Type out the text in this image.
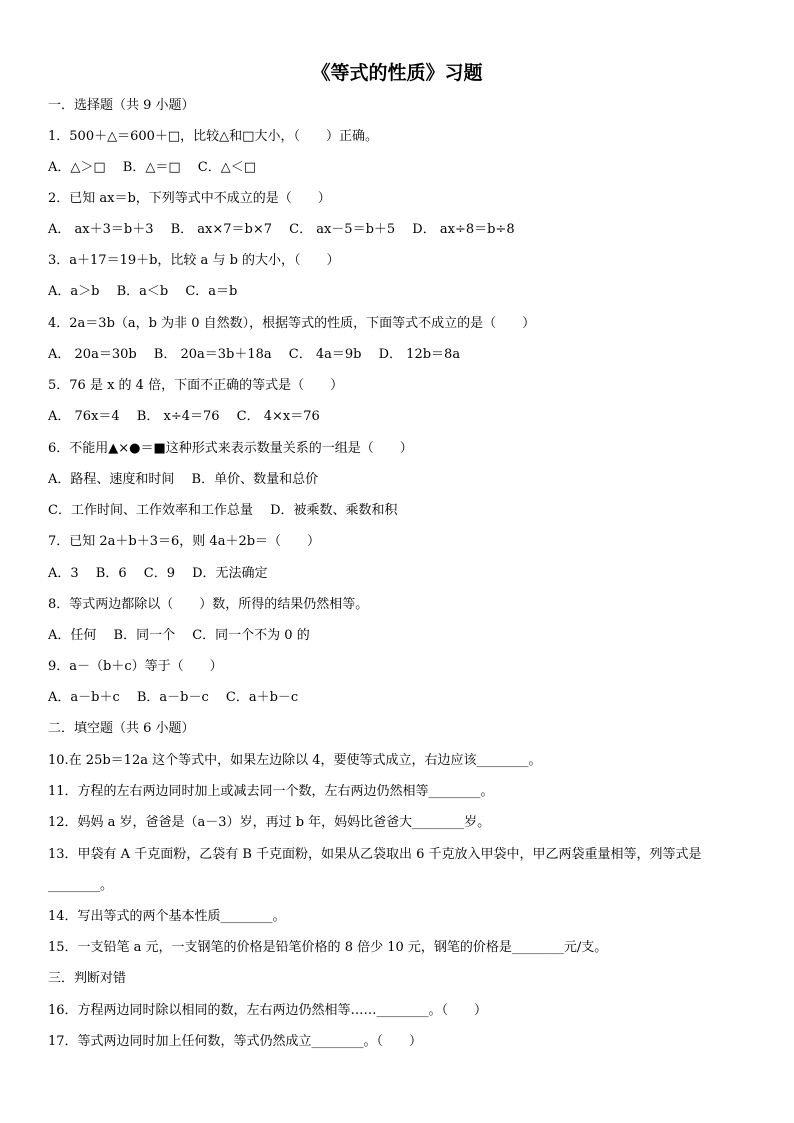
《等式的性质》习题
一．选择题（共 9 小题）
1．500＋△＝600＋□，比较△和□大小，（　　）正确。
A．△＞□　 B．△＝□　 C．△＜□
2．已知 ax＝b，下列等式中不成立的是（　　）
A． ax＋3＝b＋3　 B． ax×7＝b×7　 C． ax－5＝b＋5　 D． ax÷8＝b÷8
3．a＋17＝19＋b，比较 a 与 b 的大小，（　　）
A．a＞b　 B．a＜b　 C．a＝b
4．2a＝3b（a，b 为非 0 自然数），根据等式的性质，下面等式不成立的是（　　）
A． 20a＝30b　 B． 20a＝3b＋18a　 C． 4a＝9b　 D． 12b＝8a
5．76 是 x 的 4 倍，下面不正确的等式是（　　）
A． 76x＝4　 B． x÷4＝76　 C． 4×x＝76
6．不能用▲×●＝■这种形式来表示数量关系的一组是（　　）
A．路程、速度和时间　 B．单价、数量和总价
C．工作时间、工作效率和工作总量　 D．被乘数、乘数和积
7．已知 2a＋b＋3＝6，则 4a＋2b＝（　　）
A．3　 B．6　 C．9　 D．无法确定
8．等式两边都除以（　　）数，所得的结果仍然相等。
A．任何　 B．同一个　 C．同一个不为 0 的
9．a－（b＋c）等于（　　）
A．a－b＋c　 B．a－b－c　 C．a＋b－c
二．填空题（共 6 小题）
10.在 25b＝12a 这个等式中，如果左边除以 4，要使等式成立，右边应该________。
11．方程的左右两边同时加上或减去同一个数，左右两边仍然相等________。
12．妈妈 a 岁，爸爸是（a－3）岁，再过 b 年，妈妈比爸爸大________岁。
13．甲袋有 A 千克面粉，乙袋有 B 千克面粉，如果从乙袋取出 6 千克放入甲袋中，甲乙两袋重量相等，列等式是
________。
14．写出等式的两个基本性质________。
15．一支铅笔 a 元，一支钢笔的价格是铅笔价格的 8 倍少 10 元，钢笔的价格是________元/支。
三．判断对错
16．方程两边同时除以相同的数，左右两边仍然相等……________。（　　）
17．等式两边同时加上任何数，等式仍然成立________。（　　）
